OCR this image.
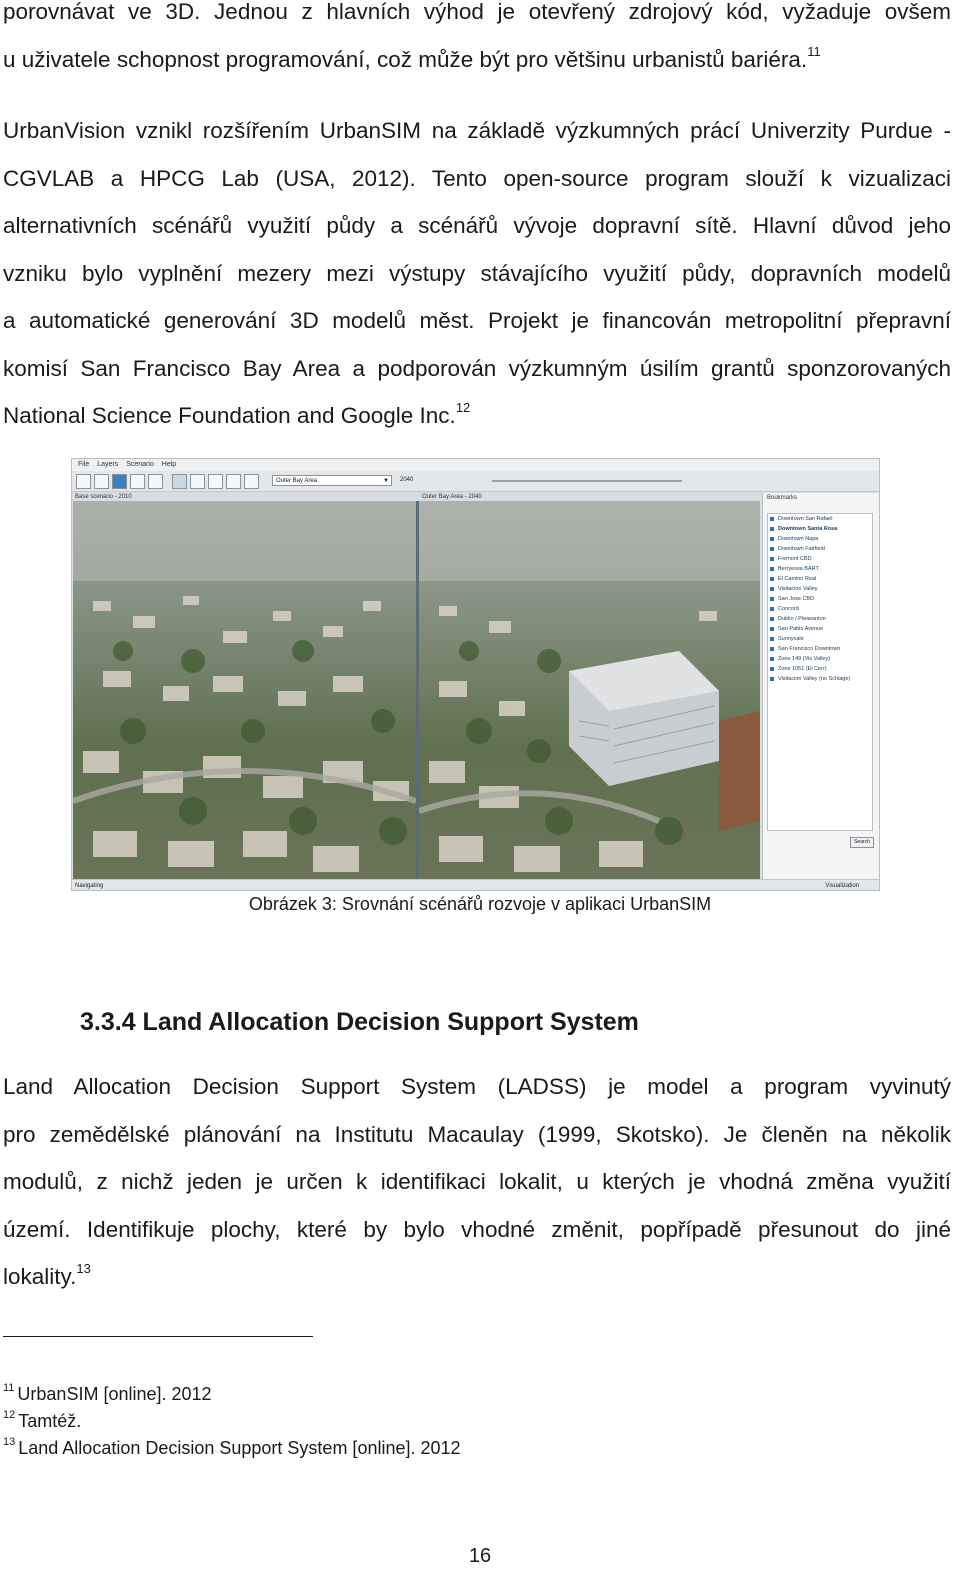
porovnávat ve 3D. Jednou z hlavních výhod je otevřený zdrojový kód, vyžaduje ovšem
u uživatele schopnost programování, což může být pro většinu urbanistů bariéra.$^{11}$
UrbanVision vznikl rozšířením UrbanSIM na základě výzkumných prácí Univerzity Purdue -
CGVLAB a HPCG Lab (USA, 2012). Tento open-source program slouží k vizualizaci
alternativních scénářů využití půdy a scénářů vývoje dopravní sítě. Hlavní důvod jeho
vzniku bylo vyplnění mezery mezi výstupy stávajícího využití půdy, dopravních modelů
a automatické generování 3D modelů měst. Projekt je financován metropolitní přepravní
komisí San Francisco Bay Area a podporován výzkumným úsilím grantů sponzorovaných
National Science Foundation and Google Inc.$^{12}$
File Layers Scenario Help
Outer Bay Area	▼ 2040
Base scenario - 2010	Outer Bay Area - 2040	Bookmarks
Downtown San Rafael
Downtown Santa Rosa
Downtown Napa
Downtown Fairfield
Fremont CBD
Berryessa BART
El Camino Real
Visitacion Valley
San Jose CBD
Concord
Dublin / Pleasanton
San Pablo Avenue
Sunnyvale
San Francisco Downtown
Zone 149 (Vis Valley)
Zone 1051 (El Cerr)
Visitacion Valley (no Schlage)
Search
Navigating	Visualization

Obrázek 3: Srovnání scénářů rozvoje v aplikaci UrbanSIM

3.3.4 Land Allocation Decision Support System
Land Allocation Decision Support System (LADSS) je model a program vyvinutý
pro zemědělské plánování na Institutu Macaulay (1999, Skotsko). Je členěn na několik
modulů, z nichž jeden je určen k identifikaci lokalit, u kterých je vhodná změna využití
území. Identifikuje plochy, které by bylo vhodné změnit, popřípadě přesunout do jiné
lokality.$^{13}$

$^{11}$ UrbanSIM [online]. 2012

$^{12}$ Tamtéž.

$^{13}$ Land Allocation Decision Support System [online]. 2012

16
